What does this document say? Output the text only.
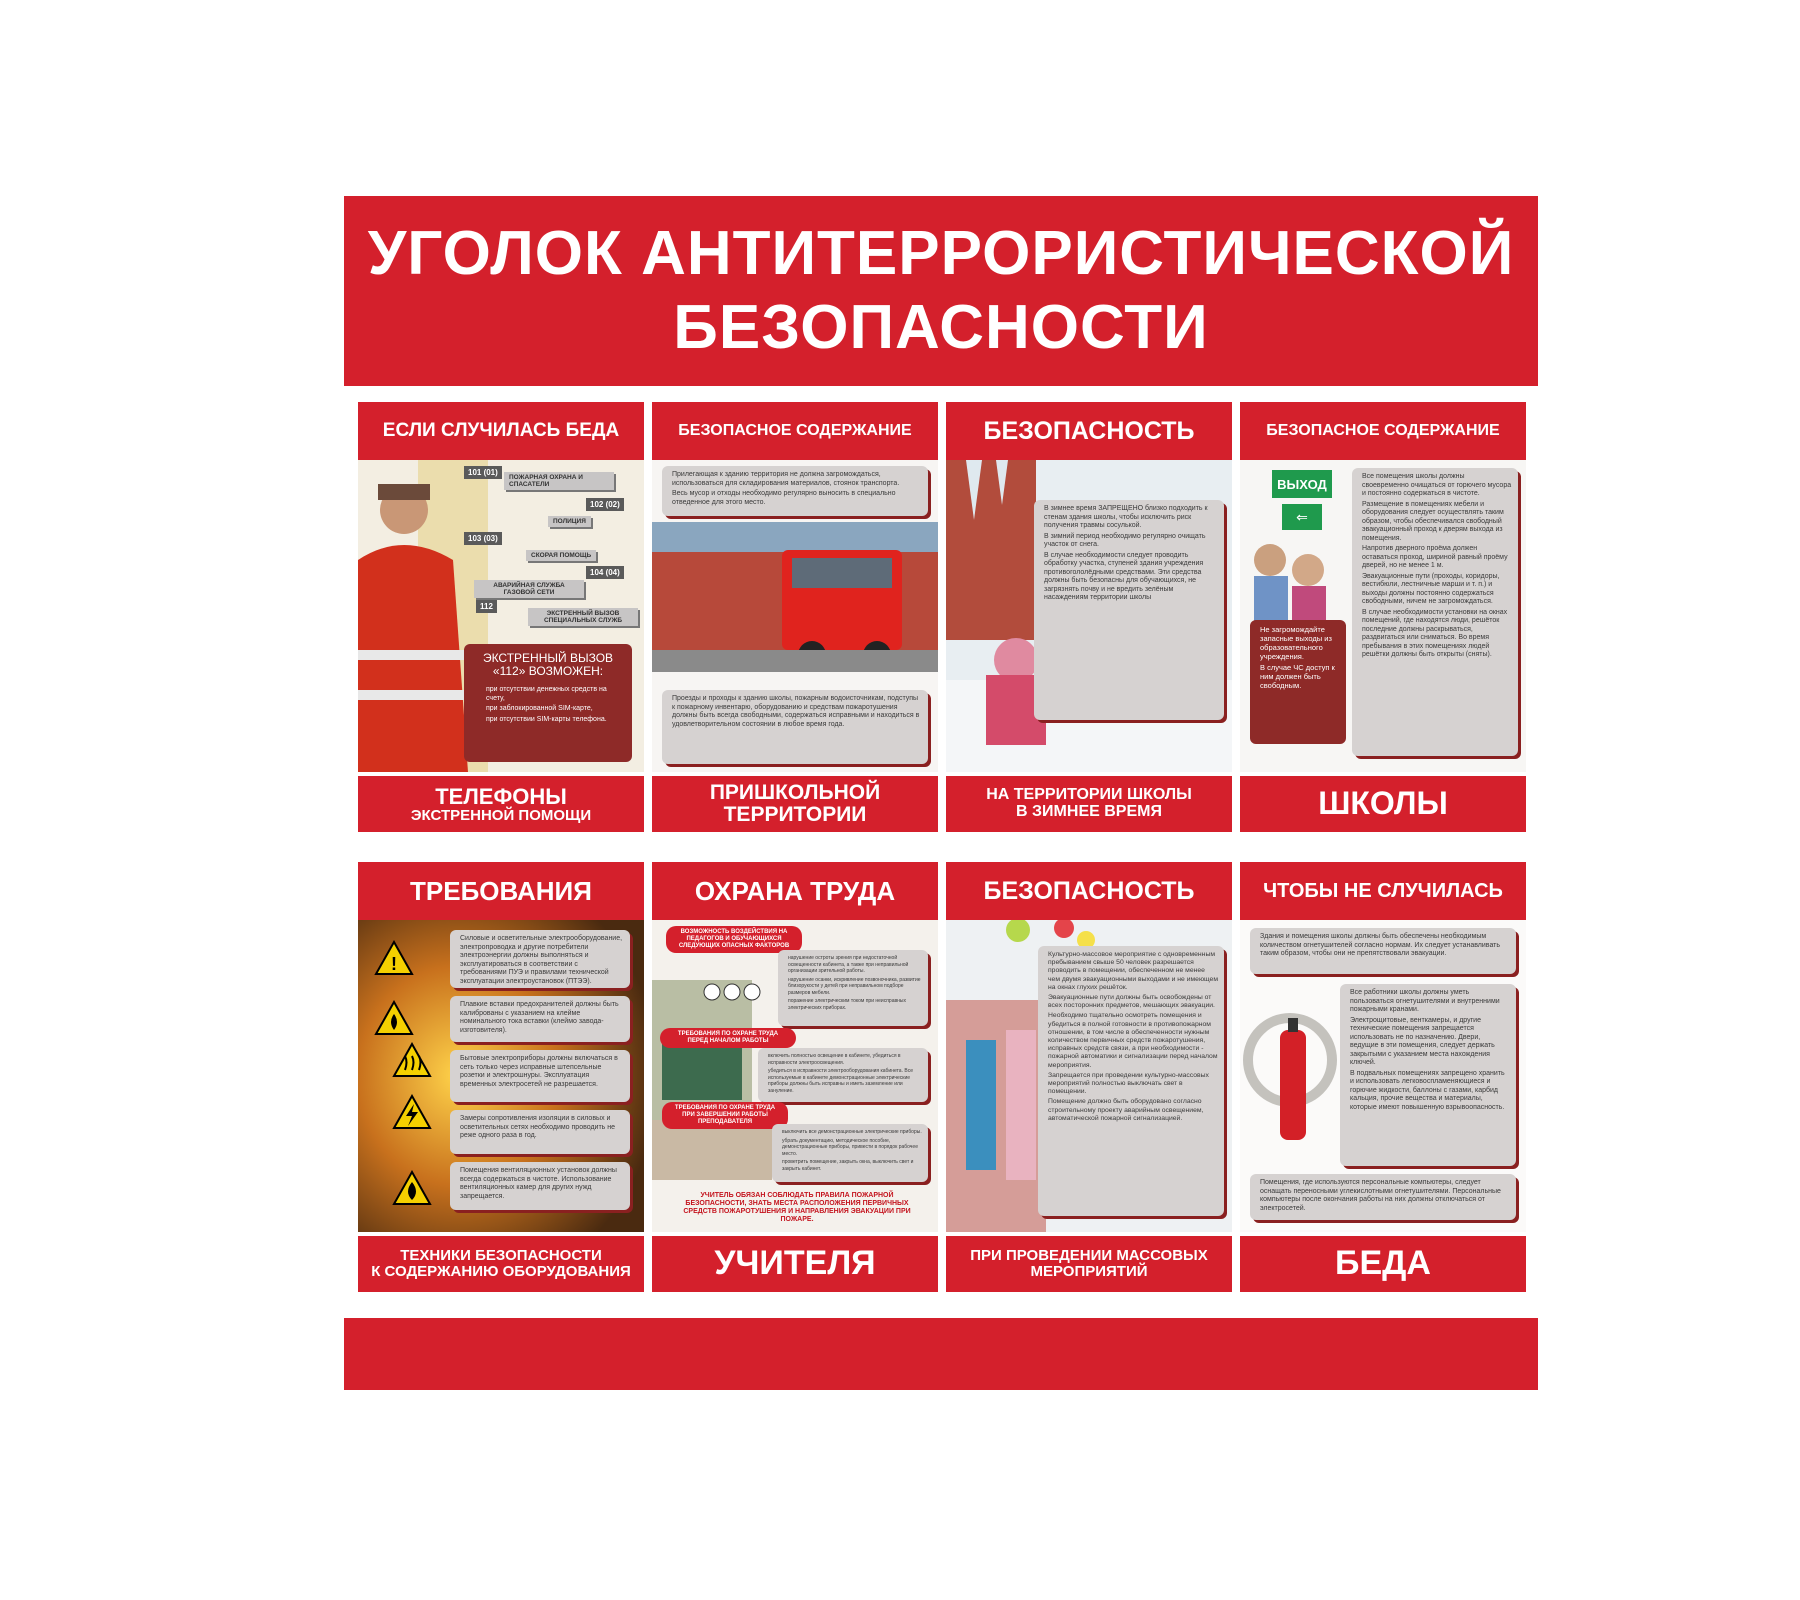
УГОЛОК АНТИТЕРРОРИСТИЧЕСКОЙ
БЕЗОПАСНОСТИ
ЕСЛИ СЛУЧИЛАСЬ БЕДА
101 (01)
ПОЖАРНАЯ ОХРАНА И СПАСАТЕЛИ
102 (02)
ПОЛИЦИЯ
103 (03)
СКОРАЯ ПОМОЩЬ
104 (04)
АВАРИЙНАЯ СЛУЖБА ГАЗОВОЙ СЕТИ
112
ЭКСТРЕННЫЙ ВЫЗОВ СПЕЦИАЛЬНЫХ СЛУЖБ
ЭКСТРЕННЫЙ ВЫЗОВ «112» ВОЗМОЖЕН:

при отсутствии денежных средств на счету,

при заблокированной SIM-карте,

при отсутствии SIM-карты телефона.

ТЕЛЕФОНЫ
ЭКСТРЕННОЙ ПОМОЩИ
БЕЗОПАСНОЕ СОДЕРЖАНИЕ

Прилегающая к зданию территория не должна загромождаться, использоваться для складирования материалов, стоянок транспорта.

Весь мусор и отходы необходимо регулярно выносить в специально отведенное для этого место.

Проезды и проходы к зданию школы, пожарным водоисточникам, подступы к пожарному инвентарю, оборудованию и средствам пожаротушения должны быть всегда свободными, содержаться исправными и находиться в удовлетворительном состоянии в любое время года.

ПРИШКОЛЬНОЙ
ТЕРРИТОРИИ
БЕЗОПАСНОСТЬ

В зимнее время ЗАПРЕЩЕНО близко подходить к стенам здания школы, чтобы исключить риск получения травмы сосулькой.

В зимний период необходимо регулярно очищать участок от снега.

В случае необходимости следует проводить обработку участка, ступеней здания учреждения противогололёдными средствами. Эти средства должны быть безопасны для обучающихся, не загрязнять почву и не вредить зелёным насаждениям территории школы

НА ТЕРРИТОРИИ ШКОЛЫ
В ЗИМНЕЕ ВРЕМЯ
БЕЗОПАСНОЕ СОДЕРЖАНИЕ
ВЫХОД
⇐

Все помещения школы должны своевременно очищаться от горючего мусора и постоянно содержаться в чистоте.

Размещение в помещениях мебели и оборудования следует осуществлять таким образом, чтобы обеспечивался свободный эвакуационный проход к дверям выхода из помещения.

Напротив дверного проёма должен оставаться проход, шириной равный проёму дверей, но не менее 1 м.

Эвакуационные пути (проходы, коридоры, вестибюли, лестничные марши и т. п.) и выходы должны постоянно содержаться свободными, ничем не загромождаться.

В случае необходимости установки на окнах помещений, где находятся люди, решёток последние должны раскрываться, раздвигаться или сниматься. Во время пребывания в этих помещениях людей решётки должны быть открыты (сняты).

Не загромождайте запасные выходы из образовательного учреждения.

В случае ЧС доступ к ним должен быть свободным.

ШКОЛЫ
ТРЕБОВАНИЯ
!

Силовые и осветительные электрооборудование, электропроводка и другие потребители электроэнергии должны выполняться и эксплуатироваться в соответствии с требованиями ПУЭ и правилами технической эксплуатации электроустановок (ПТЭЭ).

Плавкие вставки предохранителей должны быть калиброваны с указанием на клейме номинального тока вставки (клеймо завода-изготовителя).

Бытовые электроприборы должны включаться в сеть только через исправные штепсельные розетки и электрошнуры. Эксплуатация временных электросетей не разрешается.

Замеры сопротивления изоляции в силовых и осветительных сетях необходимо проводить не реже одного раза в год.

Помещения вентиляционных установок должны всегда содержаться в чистоте. Использование вентиляционных камер для других нужд запрещается.

ТЕХНИКИ БЕЗОПАСНОСТИ
К СОДЕРЖАНИЮ ОБОРУДОВАНИЯ
ОХРАНА ТРУДА
ВОЗМОЖНОСТЬ ВОЗДЕЙСТВИЯ НА ПЕДАГОГОВ И ОБУЧАЮЩИХСЯ СЛЕДУЮЩИХ ОПАСНЫХ ФАКТОРОВ

нарушение остроты зрения при недостаточной освещенности кабинета, а также при неправильной организации зрительной работы.

нарушение осанки, искривление позвоночника, развитие близорукости у детей при неправильном подборе размеров мебели.

поражение электрическим током при неисправных электрических приборах.

ТРЕБОВАНИЯ ПО ОХРАНЕ ТРУДА ПЕРЕД НАЧАЛОМ РАБОТЫ

включить полностью освещение в кабинете, убедиться в исправности электроосвещения.

убедиться в исправности электрооборудования кабинета. Все используемые в кабинете демонстрационные электрические приборы должны быть исправны и иметь заземление или зануление.

ТРЕБОВАНИЯ ПО ОХРАНЕ ТРУДА ПРИ ЗАВЕРШЕНИИ РАБОТЫ ПРЕПОДАВАТЕЛЯ

выключить все демонстрационные электрические приборы.

убрать документацию, методическое пособие, демонстрационные приборы, привести в порядок рабочее место.

проветрить помещение, закрыть окна, выключить свет и закрыть кабинет.

УЧИТЕЛЬ ОБЯЗАН СОБЛЮДАТЬ ПРАВИЛА ПОЖАРНОЙ БЕЗОПАСНОСТИ, ЗНАТЬ МЕСТА РАСПОЛОЖЕНИЯ ПЕРВИЧНЫХ СРЕДСТВ ПОЖАРОТУШЕНИЯ И НАПРАВЛЕНИЯ ЭВАКУАЦИИ ПРИ ПОЖАРЕ.
УЧИТЕЛЯ
БЕЗОПАСНОСТЬ

Культурно-массовое мероприятие с одновременным пребыванием свыше 50 человек разрешается проводить в помещении, обеспеченном не менее чем двумя эвакуационными выходами и не имеющем на окнах глухих решёток.

Эвакуационные пути должны быть освобождены от всех посторонних предметов, мешающих эвакуации.

Необходимо тщательно осмотреть помещения и убедиться в полной готовности в противопожарном отношении, в том числе в обеспеченности нужным количеством первичных средств пожаротушения, исправных средств связи, а при необходимости - пожарной автоматики и сигнализации перед началом мероприятия.

Запрещается при проведении культурно-массовых мероприятий полностью выключать свет в помещении.

Помещение должно быть оборудовано согласно строительному проекту аварийным освещением, автоматической пожарной сигнализацией.

ПРИ ПРОВЕДЕНИИ МАССОВЫХ
МЕРОПРИЯТИЙ
ЧТОБЫ НЕ СЛУЧИЛАСЬ

Здания и помещения школы должны быть обеспечены необходимым количеством огнетушителей согласно нормам. Их следует устанавливать таким образом, чтобы они не препятствовали эвакуации.

Все работники школы должны уметь пользоваться огнетушителями и внутренними пожарными кранами.

Электрощитовые, венткамеры, и другие технические помещения запрещается использовать не по назначению. Двери, ведущие в эти помещения, следует держать закрытыми с указанием места нахождения ключей.

В подвальных помещениях запрещено хранить и использовать легковоспламеняющиеся и горючие жидкости, баллоны с газами, карбид кальция, прочие вещества и материалы, которые имеют повышенную взрывоопасность.

Помещения, где используются персональные компьютеры, следует оснащать переносными углекислотными огнетушителями. Персональные компьютеры после окончания работы на них должны отключаться от электросетей.

БЕДА
